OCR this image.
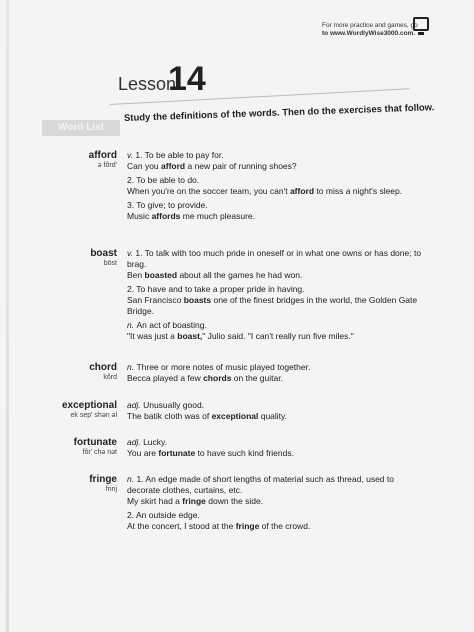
For more practice and games, go
to www.WordlyWise3000.com.
Lesson
14
Word List
Study the definitions of the words. Then do the exercises that follow.
afford
ə fôrd'
v. 1. To be able to pay for.
Can you afford a new pair of running shoes?
2. To be able to do.
When you're on the soccer team, you can't afford to miss a night's sleep.
3. To give; to provide.
Music affords me much pleasure.
boast
bōst
v. 1. To talk with too much pride in oneself or in what one owns or has done; to brag.
Ben boasted about all the games he had won.
2. To have and to take a proper pride in having.
San Francisco boasts one of the finest bridges in the world, the Golden Gate Bridge.
n. An act of boasting.
"It was just a boast," Julio said. "I can't really run five miles."
chord
kôrd
n. Three or more notes of music played together.
Becca played a few chords on the guitar.
exceptional
ek sep' shən əl
adj. Unusually good.
The batik cloth was of exceptional quality.
fortunate
fôr' chə nət
adj. Lucky.
You are fortunate to have such kind friends.
fringe
frinj
n. 1. An edge made of short lengths of material such as thread, used to decorate clothes, curtains, etc.
My skirt had a fringe down the side.
2. An outside edge.
At the concert, I stood at the fringe of the crowd.
